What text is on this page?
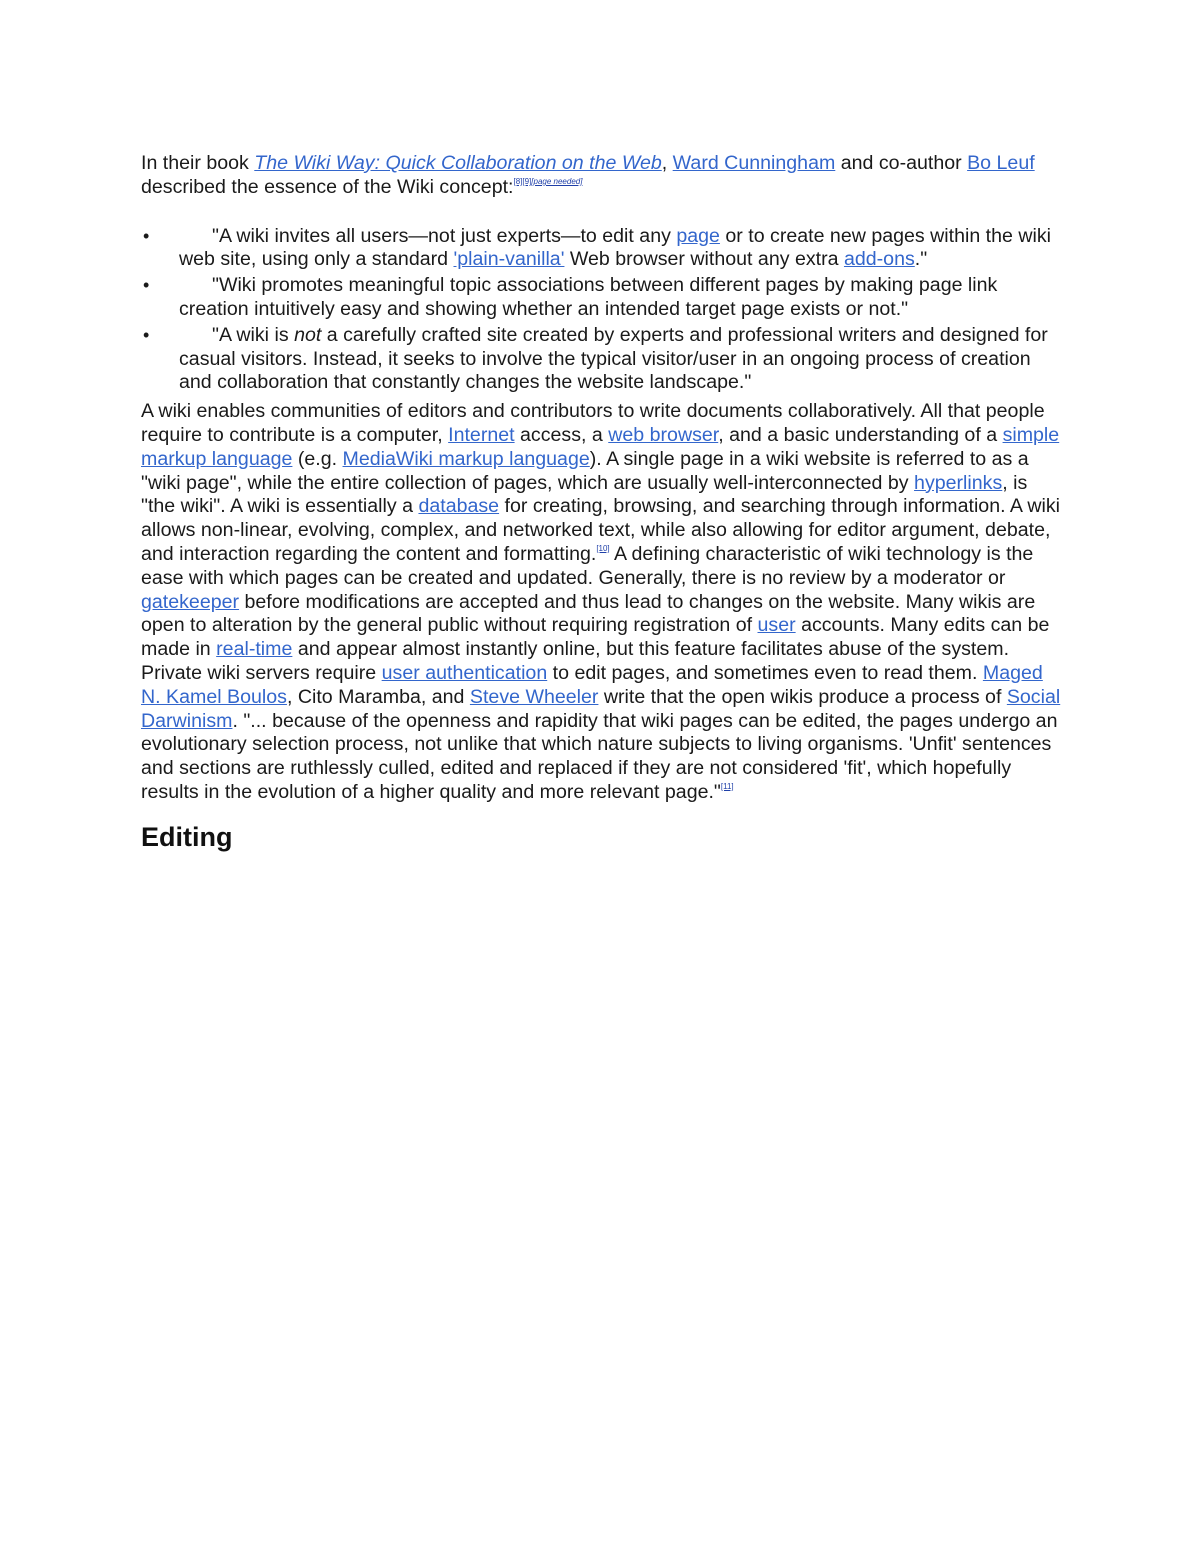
In their book The Wiki Way: Quick Collaboration on the Web, Ward Cunningham and co-author Bo Leuf described the essence of the Wiki concept:[8][9][page needed]

•	"A wiki invites all users—not just experts—to edit any page or to create new pages within the wiki web site, using only a standard 'plain-vanilla' Web browser without any extra add-ons."
•	"Wiki promotes meaningful topic associations between different pages by making page link creation intuitively easy and showing whether an intended target page exists or not."
•	"A wiki is not a carefully crafted site created by experts and professional writers and designed for casual visitors. Instead, it seeks to involve the typical visitor/user in an ongoing process of creation and collaboration that constantly changes the website landscape."

A wiki enables communities of editors and contributors to write documents collaboratively. All that people require to contribute is a computer, Internet access, a web browser, and a basic understanding of a simple markup language (e.g. MediaWiki markup language). A single page in a wiki website is referred to as a "wiki page", while the entire collection of pages, which are usually well-interconnected by hyperlinks, is "the wiki". A wiki is essentially a database for creating, browsing, and searching through information. A wiki allows non-linear, evolving, complex, and networked text, while also allowing for editor argument, debate, and interaction regarding the content and formatting.[10] A defining characteristic of wiki technology is the ease with which pages can be created and updated. Generally, there is no review by a moderator or gatekeeper before modifications are accepted and thus lead to changes on the website. Many wikis are open to alteration by the general public without requiring registration of user accounts. Many edits can be made in real-time and appear almost instantly online, but this feature facilitates abuse of the system. Private wiki servers require user authentication to edit pages, and sometimes even to read them. Maged N. Kamel Boulos, Cito Maramba, and Steve Wheeler write that the open wikis produce a process of Social Darwinism. "... because of the openness and rapidity that wiki pages can be edited, the pages undergo an evolutionary selection process, not unlike that which nature subjects to living organisms. 'Unfit' sentences and sections are ruthlessly culled, edited and replaced if they are not considered 'fit', which hopefully results in the evolution of a higher quality and more relevant page."[11]

Editing
